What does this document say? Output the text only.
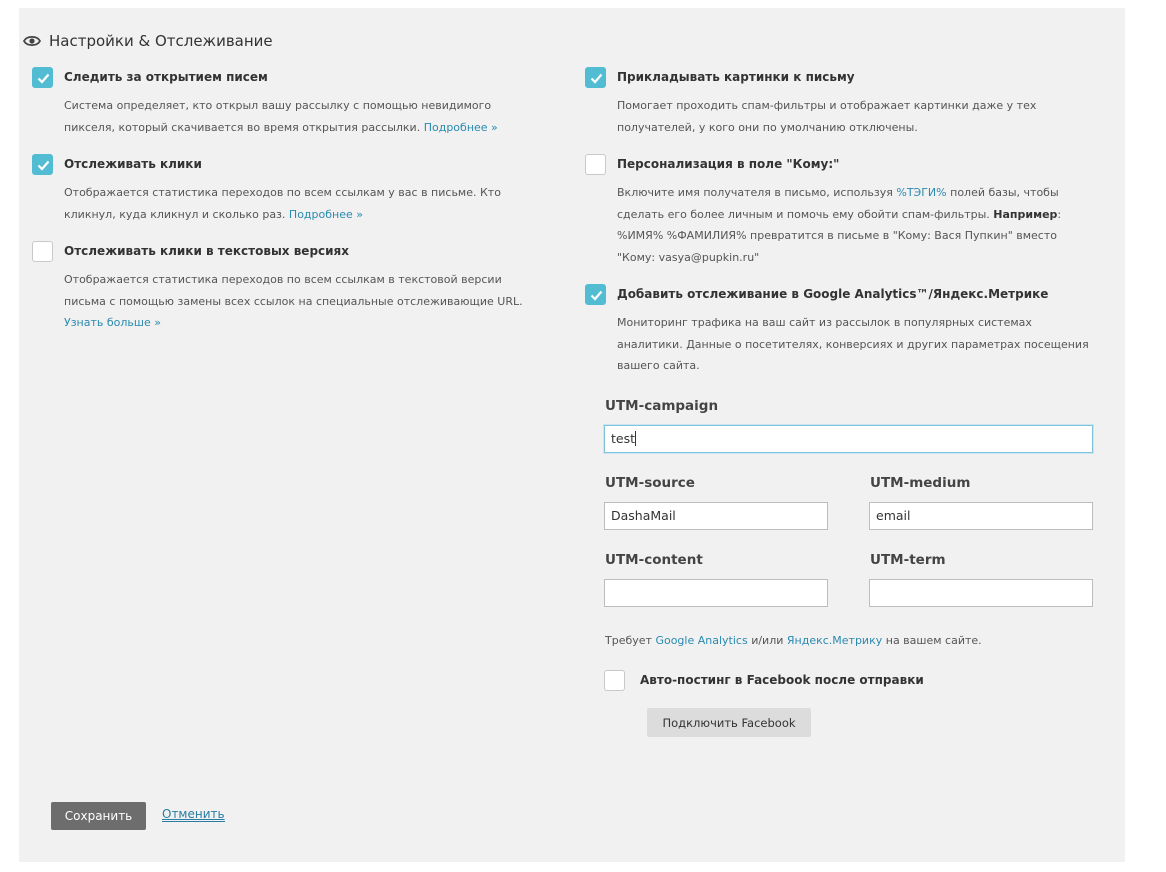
Настройки & Отслеживание
Следить за открытием писем
Система определяет, кто открыл вашу рассылку с помощью невидимого пикселя, который скачивается во время открытия рассылки. Подробнее »
Отслеживать клики
Отображается статистика переходов по всем ссылкам у вас в письме. Кто кликнул, куда кликнул и сколько раз. Подробнее »
Отслеживать клики в текстовых версиях
Отображается статистика переходов по всем ссылкам в текстовой версии письма с помощью замены всех ссылок на специальные отслеживающие URL.
Узнать больше »
Прикладывать картинки к письму
Помогает проходить спам-фильтры и отображает картинки даже у тех получателей, у кого они по умолчанию отключены.
Персонализация в поле "Кому:"
Включите имя получателя в письмо, используя %ТЭГИ% полей базы, чтобы сделать его более личным и помочь ему обойти спам-фильтры. Например: %ИМЯ% %ФАМИЛИЯ% превратится в письме в "Кому: Вася Пупкин" вместо "Кому: vasya@pupkin.ru"
Добавить отслеживание в Google Analytics™/Яндекс.Метрике
Мониторинг трафика на ваш сайт из рассылок в популярных системах аналитики. Данные о посетителях, конверсиях и других параметрах посещения вашего сайта.
UTM-campaign
test
UTM-source
DashaMail
UTM-medium
email
UTM-content	UTM-term
Требует Google Analytics и/или Яндекс.Метрику на вашем сайте.
Авто-постинг в Facebook после отправки
Подключить Facebook
Сохранить	Отменить
